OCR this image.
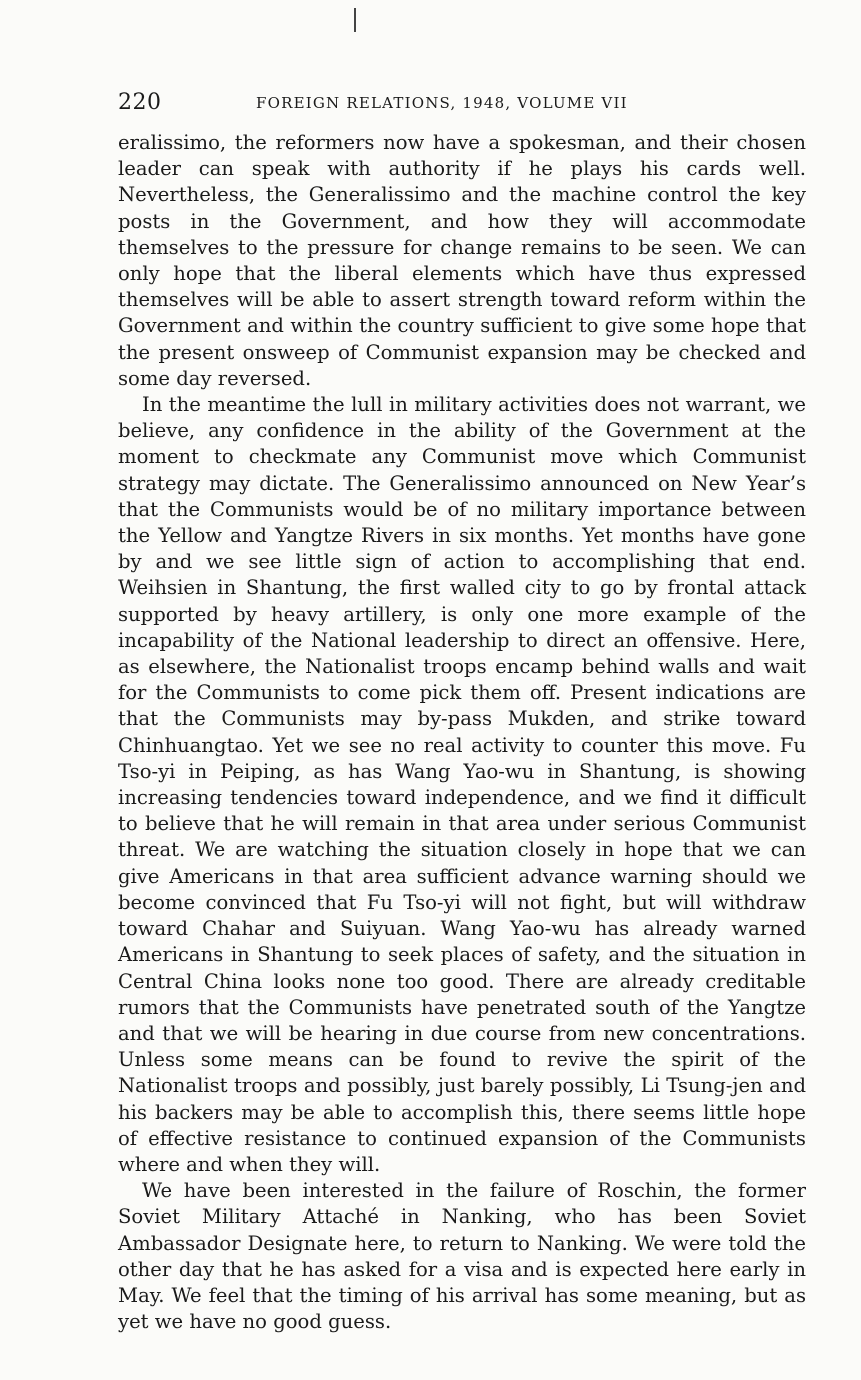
220	FOREIGN RELATIONS, 1948, VOLUME VII

eralissimo, the reformers now have a spokesman, and their chosen leader can speak with authority if he plays his cards well. Nevertheless, the Generalissimo and the machine control the key posts in the Government, and how they will accommodate themselves to the pressure for change remains to be seen. We can only hope that the liberal elements which have thus expressed themselves will be able to assert strength toward reform within the Government and within the country sufficient to give some hope that the present onsweep of Communist expansion may be checked and some day reversed.

In the meantime the lull in military activities does not warrant, we believe, any confidence in the ability of the Government at the moment to checkmate any Communist move which Communist strategy may dictate. The Generalissimo announced on New Year’s that the Communists would be of no military importance between the Yellow and Yangtze Rivers in six months. Yet months have gone by and we see little sign of action to accomplishing that end. Weihsien in Shantung, the first walled city to go by frontal attack supported by heavy artillery, is only one more example of the incapability of the National leadership to direct an offensive. Here, as elsewhere, the Nationalist troops encamp behind walls and wait for the Communists to come pick them off. Present indications are that the Communists may by-pass Mukden, and strike toward Chinhuangtao. Yet we see no real activity to counter this move. Fu Tso-yi in Peiping, as has Wang Yao-wu in Shantung, is showing increasing tendencies toward independence, and we find it difficult to believe that he will remain in that area under serious Communist threat. We are watching the situation closely in hope that we can give Americans in that area sufficient advance warning should we become convinced that Fu Tso-yi will not fight, but will withdraw toward Chahar and Suiyuan. Wang Yao-wu has already warned Americans in Shantung to seek places of safety, and the situation in Central China looks none too good. There are already creditable rumors that the Communists have penetrated south of the Yangtze and that we will be hearing in due course from new concentrations. Unless some means can be found to revive the spirit of the Nationalist troops and possibly, just barely possibly, Li Tsung-jen and his backers may be able to accomplish this, there seems little hope of effective resistance to continued expansion of the Communists where and when they will.

We have been interested in the failure of Roschin, the former Soviet Military Attaché in Nanking, who has been Soviet Ambassador Designate here, to return to Nanking. We were told the other day that he has asked for a visa and is expected here early in May. We feel that the timing of his arrival has some meaning, but as yet we have no good guess.
